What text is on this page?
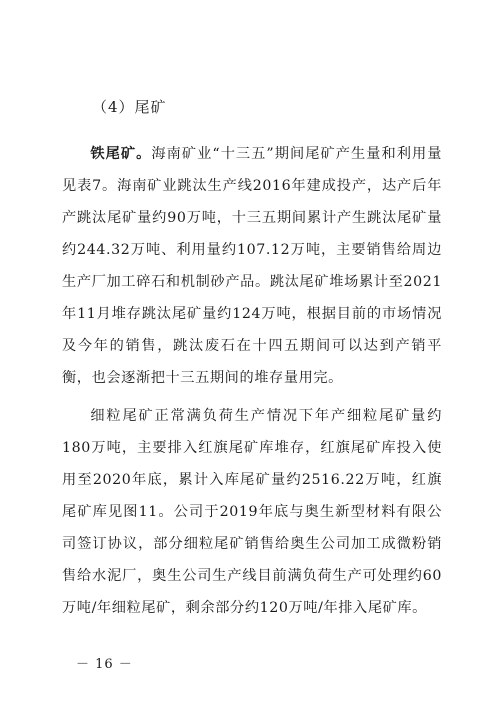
（4）尾矿

铁尾矿。海南矿业“十三五”期间尾矿产生量和利用量见表7。海南矿业跳汰生产线2016年建成投产，达产后年产跳汰尾矿量约90万吨，十三五期间累计产生跳汰尾矿量约244.32万吨、利用量约107.12万吨，主要销售给周边生产厂加工碎石和机制砂产品。跳汰尾矿堆场累计至2021年11月堆存跳汰尾矿量约124万吨，根据目前的市场情况及今年的销售，跳汰废石在十四五期间可以达到产销平衡，也会逐渐把十三五期间的堆存量用完。

细粒尾矿正常满负荷生产情况下年产细粒尾矿量约180万吨，主要排入红旗尾矿库堆存，红旗尾矿库投入使用至2020年底，累计入库尾矿量约2516.22万吨，红旗尾矿库见图11。公司于2019年底与奥生新型材料有限公司签订协议，部分细粒尾矿销售给奥生公司加工成微粉销售给水泥厂，奥生公司生产线目前满负荷生产可处理约60万吨/年细粒尾矿，剩余部分约120万吨/年排入尾矿库。

－ 16 －
